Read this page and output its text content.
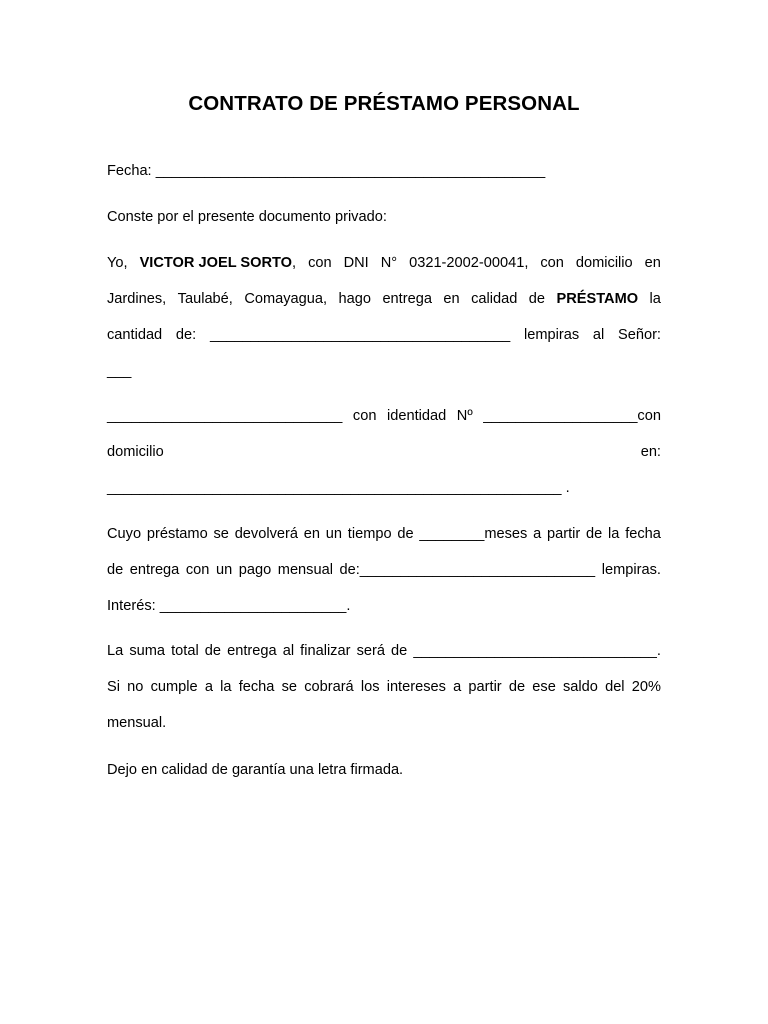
CONTRATO DE PRÉSTAMO PERSONAL
Fecha: ________________________________________________
Conste por el presente documento privado:
Yo, VICTOR JOEL SORTO, con DNI N° 0321-2002-00041, con domicilio en
Jardines, Taulabé, Comayagua, hago entrega en calidad de PRÉSTAMO la
cantidad de: _____________________________________ lempiras al Señor:
___
_____________________________ con identidad Nº ___________________con
domicilio	en:
________________________________________________________ .
Cuyo préstamo se devolverá en un tiempo de ________meses a partir de la fecha
de entrega con un pago mensual de:_____________________________ lempiras.
Interés: _______________________.
La suma total de entrega al finalizar será de ______________________________.
Si no cumple a la fecha se cobrará los intereses a partir de ese saldo del 20%
mensual.
Dejo en calidad de garantía una letra firmada.
